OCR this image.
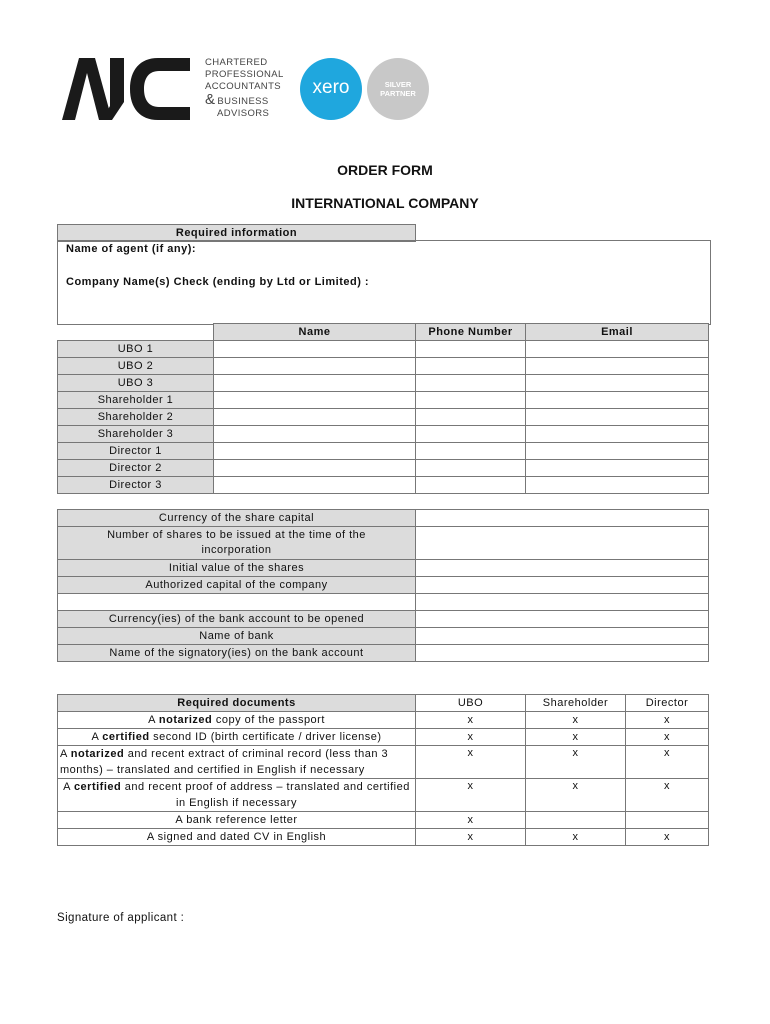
CHARTERED
PROFESSIONAL
ACCOUNTANTS
& BUSINESS
ADVISORS
xero	SILVER
PARTNER
ORDER FORM
INTERNATIONAL COMPANY
Required information
Name of agent (if any):
Company Name(s) Check (ending by Ltd or Limited) :
	Name	Phone Number	Email
UBO 1			
UBO 2			
UBO 3			
Shareholder 1			
Shareholder 2			
Shareholder 3			
Director 1			
Director 2			
Director 3			
Currency of the share capital	

Number of shares to be issued at the time of the
incorporation	

Initial value of the shares	
Authorized capital of the company	

Currency(ies) of the bank account to be opened	
Name of bank	
Name of the signatory(ies) on the bank account	
Required documents	UBO	Shareholder	Director
A notarized copy of the passport	x	x	x
A certified second ID (birth certificate / driver license)	x	x	x
A notarized and recent extract of criminal record (less than 3 months) – translated and certified in English if necessary	x	x	x
A certified and recent proof of address – translated and certified in English if necessary	x	x	x
A bank reference letter	x		
A signed and dated CV in English	x	x	x
Signature of applicant :
